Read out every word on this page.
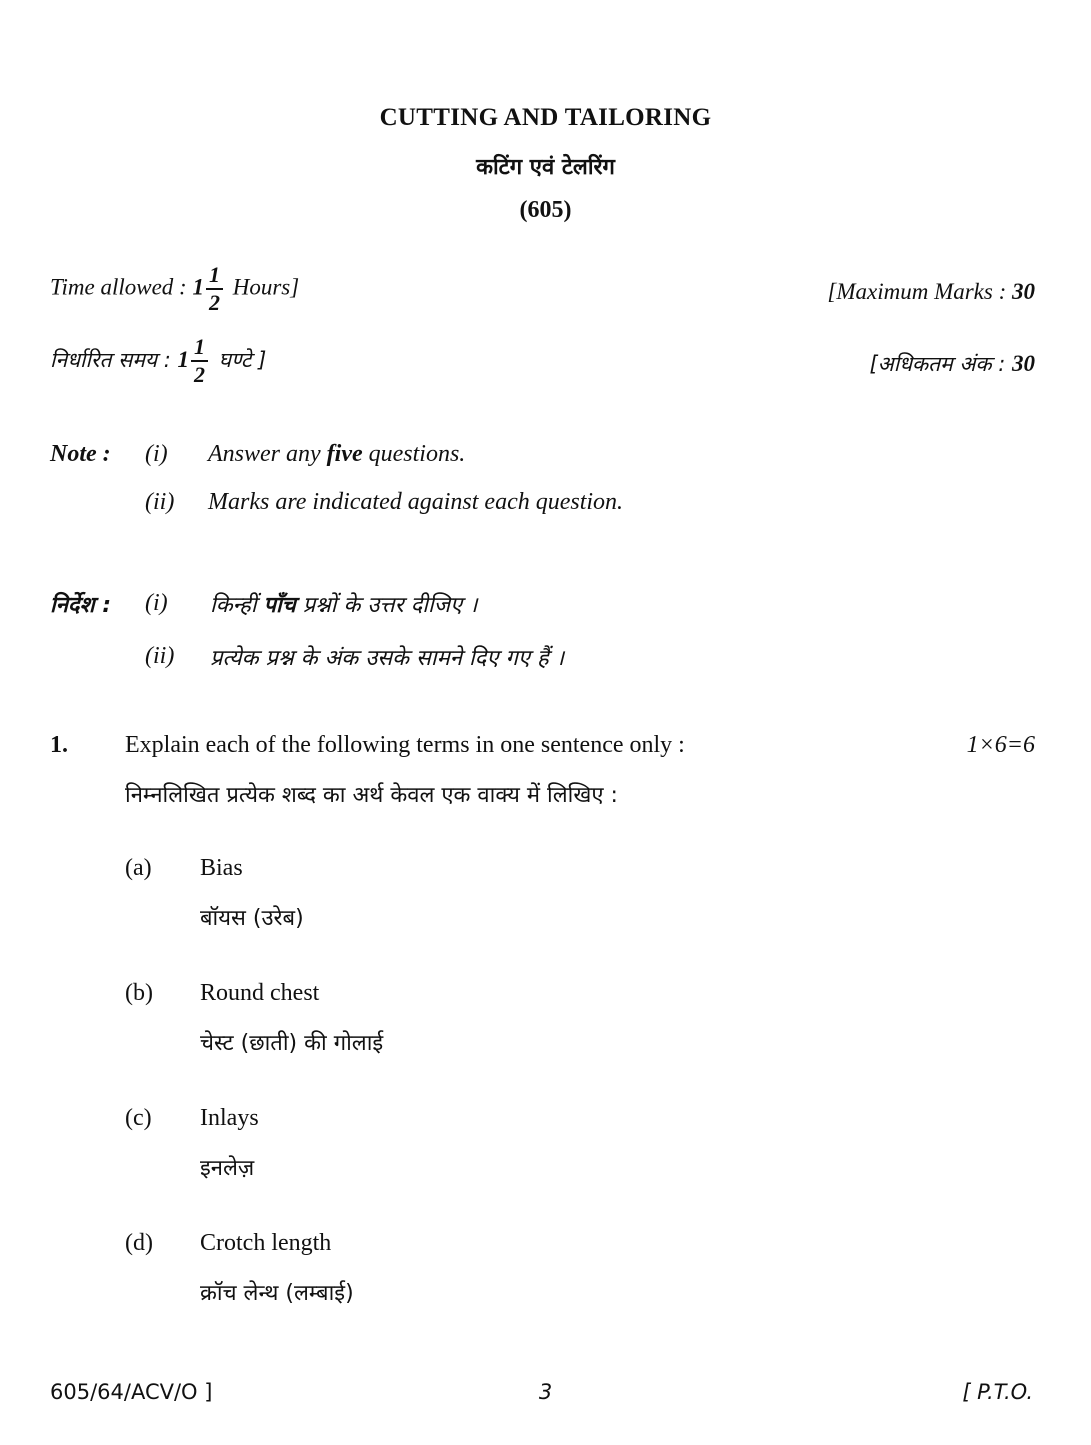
CUTTING AND TAILORING
कटिंग एवं टेलरिंग
(605)
Time allowed : $1 \frac{1}{2}$ Hours]	[Maximum Marks : 30
निर्धारित समय : $1 \frac{1}{2}$ घण्टे ]	[अधिकतम अंक : 30
Note : (i) Answer any five questions.
(ii) Marks are indicated against each question.
निर्देश : (i) किन्हीं पाँच प्रश्नों के उत्तर दीजिए ।
(ii) प्रत्येक प्रश्न के अंक उसके सामने दिए गए हैं ।
1. Explain each of the following terms in one sentence only :	1×6=6
निम्नलिखित प्रत्येक शब्द का अर्थ केवल एक वाक्य में लिखिए :
(a) Bias
बॉयस (उरेब)
(b) Round chest
चेस्ट (छाती) की गोलाई
(c) Inlays
इनलेज़
(d) Crotch length
क्रॉच लेन्थ (लम्बाई)
605/64/ACV/O ]	3	[ P.T.O.
